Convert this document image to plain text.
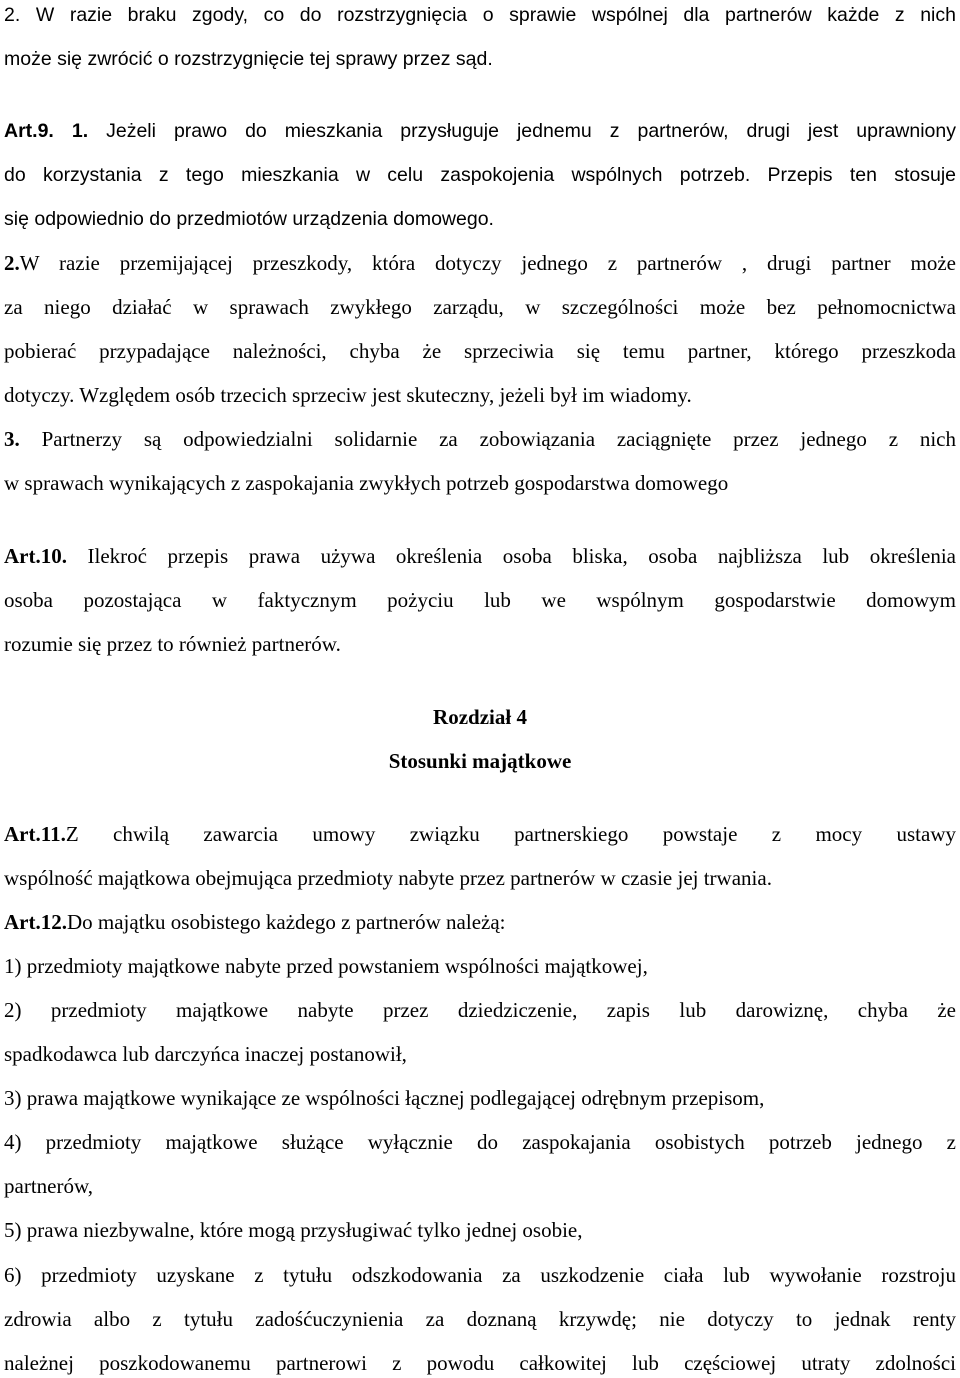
2. W razie braku zgody, co do rozstrzygnięcia o sprawie wspólnej dla partnerów każde z nich
może się zwrócić o rozstrzygnięcie tej sprawy przez sąd.
Art.9. 1. Jeżeli prawo do mieszkania przysługuje jednemu z partnerów, drugi jest uprawniony
do korzystania z tego mieszkania w celu zaspokojenia wspólnych potrzeb. Przepis ten stosuje
się odpowiednio do przedmiotów urządzenia domowego.
2.W razie przemijającej przeszkody, która dotyczy jednego z partnerów , drugi partner może
za niego działać w sprawach zwykłego zarządu, w szczególności może bez pełnomocnictwa
pobierać przypadające należności, chyba że sprzeciwia się temu partner, którego przeszkoda
dotyczy. Względem osób trzecich sprzeciw jest skuteczny, jeżeli był im wiadomy.
3. Partnerzy są odpowiedzialni solidarnie za zobowiązania zaciągnięte przez jednego z nich
w sprawach wynikających z zaspokajania zwykłych potrzeb gospodarstwa domowego
Art.10. Ilekroć przepis prawa używa określenia osoba bliska, osoba najbliższa lub określenia
osoba pozostająca w faktycznym pożyciu lub we wspólnym gospodarstwie domowym
rozumie się przez to również partnerów.
Rozdział 4
Stosunki majątkowe
Art.11.Z chwilą zawarcia umowy związku partnerskiego powstaje z mocy ustawy
wspólność majątkowa obejmująca przedmioty nabyte przez partnerów w czasie jej trwania.
Art.12.Do majątku osobistego każdego z partnerów należą:
1) przedmioty majątkowe nabyte przed powstaniem wspólności majątkowej,
2) przedmioty majątkowe nabyte przez dziedziczenie, zapis lub darowiznę, chyba że
spadkodawca lub darczyńca inaczej postanowił,
3) prawa majątkowe wynikające ze wspólności łącznej podlegającej odrębnym przepisom,
4) przedmioty majątkowe służące wyłącznie do zaspokajania osobistych potrzeb jednego z
partnerów,
5) prawa niezbywalne, które mogą przysługiwać tylko jednej osobie,
6) przedmioty uzyskane z tytułu odszkodowania za uszkodzenie ciała lub wywołanie rozstroju
zdrowia albo z tytułu zadośćuczynienia za doznaną krzywdę; nie dotyczy to jednak renty
należnej poszkodowanemu partnerowi z powodu całkowitej lub częściowej utraty zdolności
